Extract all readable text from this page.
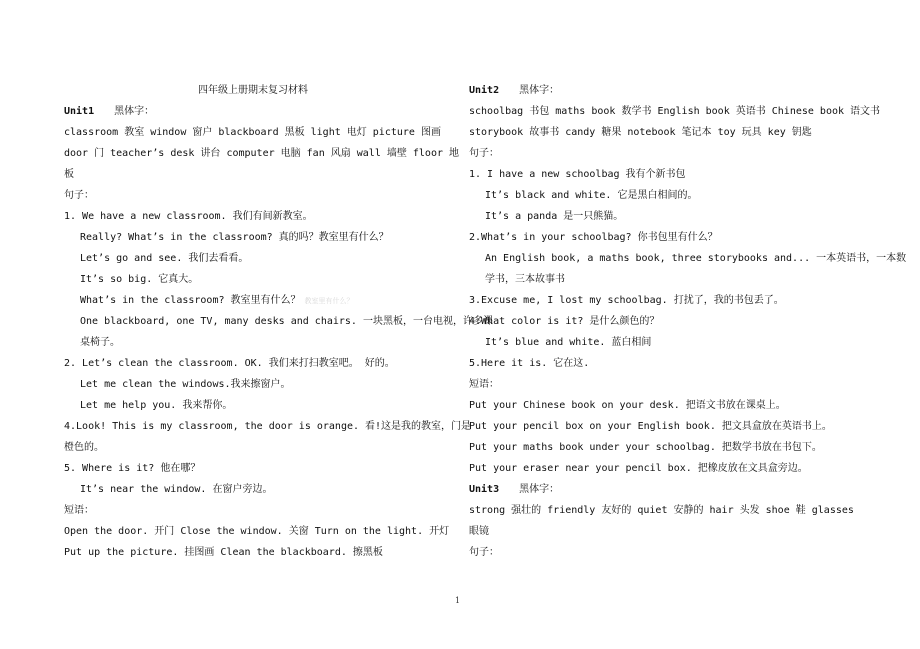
四年级上册期末复习材料
Unit1 黑体字：
classroom 教室 window 窗户 blackboard 黑板 light 电灯 picture 图画
door 门 teacher’s desk 讲台 computer 电脑 fan 风扇 wall 墙壁 floor 地
板
句子：
1. We have a new classroom. 我们有间新教室。
Really? What’s in the classroom? 真的吗？教室里有什么？
Let’s go and see. 我们去看看。
It’s so big. 它真大。
What’s in the classroom? 教室里有什么？ 教室里有什么？
One blackboard, one TV, many desks and chairs. 一块黑板，一台电视，许多课
桌椅子。
2. Let’s clean the classroom. OK. 我们来打扫教室吧。 好的。
Let me clean the windows.我来擦窗户。
Let me help you. 我来帮你。
4.Look! This is my classroom, the door is orange. 看!这是我的教室，门是
橙色的。
5. Where is it? 他在哪？
It’s near the window. 在窗户旁边。
短语：
Open the door. 开门 Close the window. 关窗 Turn on the light. 开灯
Put up the picture. 挂图画 Clean the blackboard. 擦黑板
Unit2 黑体字：
schoolbag 书包 maths book 数学书 English book 英语书 Chinese book 语文书
storybook 故事书 candy 糖果 notebook 笔记本 toy 玩具 key 钥匙
句子：
1. I have a new schoolbag 我有个新书包
It’s black and white. 它是黑白相间的。
It’s a panda 是一只熊猫。
2.What’s in your schoolbag? 你书包里有什么？
An English book, a maths book, three storybooks and... 一本英语书，一本数
学书，三本故事书
3.Excuse me, I lost my schoolbag. 打扰了，我的书包丢了。
4.What color is it? 是什么颜色的？
It’s blue and white. 蓝白相间
5.Here it is. 它在这.
短语：
Put your Chinese book on your desk. 把语文书放在课桌上。
Put your pencil box on your English book. 把文具盒放在英语书上。
Put your maths book under your schoolbag. 把数学书放在书包下。
Put your eraser near your pencil box. 把橡皮放在文具盒旁边。
Unit3 黑体字：
strong 强壮的 friendly 友好的 quiet 安静的 hair 头发 shoe 鞋 glasses
眼镜
句子：
1
